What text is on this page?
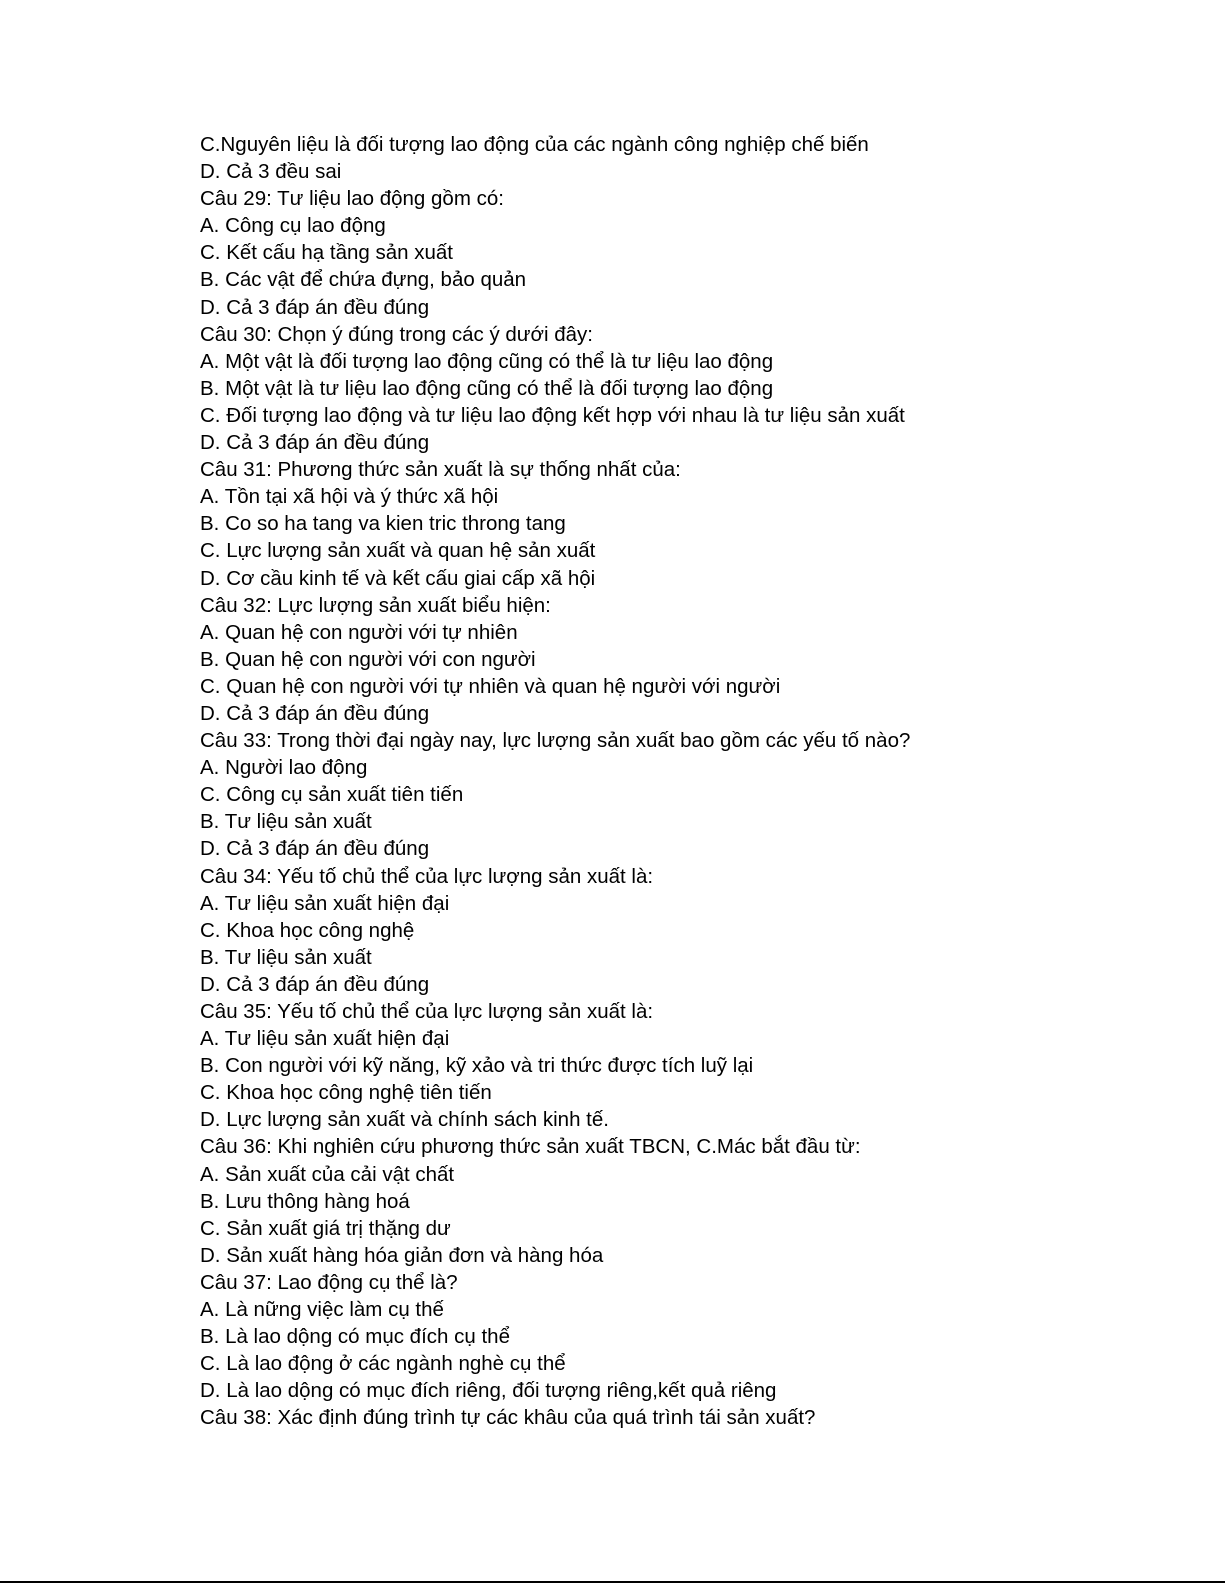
C.Nguyên liệu là đối tượng lao động của các ngành công nghiệp chế biến
D. Cả 3 đều sai
Câu 29: Tư liệu lao động gồm có:
A. Công cụ lao động
C. Kết cấu hạ tầng sản xuất
B. Các vật để chứa đựng, bảo quản
D. Cả 3 đáp án đều đúng
Câu 30: Chọn ý đúng trong các ý dưới đây:
A. Một vật là đối tượng lao động cũng có thể là tư liệu lao động
B. Một vật là tư liệu lao động cũng có thể là đối tượng lao động
C. Đối tượng lao động và tư liệu lao động kết hợp với nhau là tư liệu sản xuất
D. Cả 3 đáp án đều đúng
Câu 31: Phương thức sản xuất là sự thống nhất của:
A. Tồn tại xã hội và ý thức xã hội
B. Co so ha tang va kien tric throng tang
C. Lực lượng sản xuất và quan hệ sản xuất
D. Cơ cầu kinh tế và kết cấu giai cấp xã hội
Câu 32: Lực lượng sản xuất biểu hiện:
A. Quan hệ con người với tự nhiên
B. Quan hệ con người với con người
C. Quan hệ con người với tự nhiên và quan hệ người với người
D. Cả 3 đáp án đều đúng
Câu 33: Trong thời đại ngày nay, lực lượng sản xuất bao gồm các yếu tố nào?
A. Người lao động
C. Công cụ sản xuất tiên tiến
B. Tư liệu sản xuất
D. Cả 3 đáp án đều đúng
Câu 34: Yếu tố chủ thể của lực lượng sản xuất là:
A. Tư liệu sản xuất hiện đại
C. Khoa học công nghệ
B. Tư liệu sản xuất
D. Cả 3 đáp án đều đúng
Câu 35: Yếu tố chủ thể của lực lượng sản xuất là:
A. Tư liệu sản xuất hiện đại
B. Con người với kỹ năng, kỹ xảo và tri thức được tích luỹ lại
C. Khoa học công nghệ tiên tiến
D. Lực lượng sản xuất và chính sách kinh tế.
Câu 36: Khi nghiên cứu phương thức sản xuất TBCN, C.Mác bắt đầu từ:
A. Sản xuất của cải vật chất
B. Lưu thông hàng hoá
C. Sản xuất giá trị thặng dư
D. Sản xuất hàng hóa giản đơn và hàng hóa
Câu 37: Lao động cụ thể là?
A. Là nững việc làm cụ thế
B. Là lao dộng có mục đích cụ thể
C. Là lao động ở các ngành nghè cụ thể
D. Là lao dộng có mục đích riêng, đối tượng riêng,kết quả riêng
Câu 38: Xác định đúng trình tự các khâu của quá trình tái sản xuất?
